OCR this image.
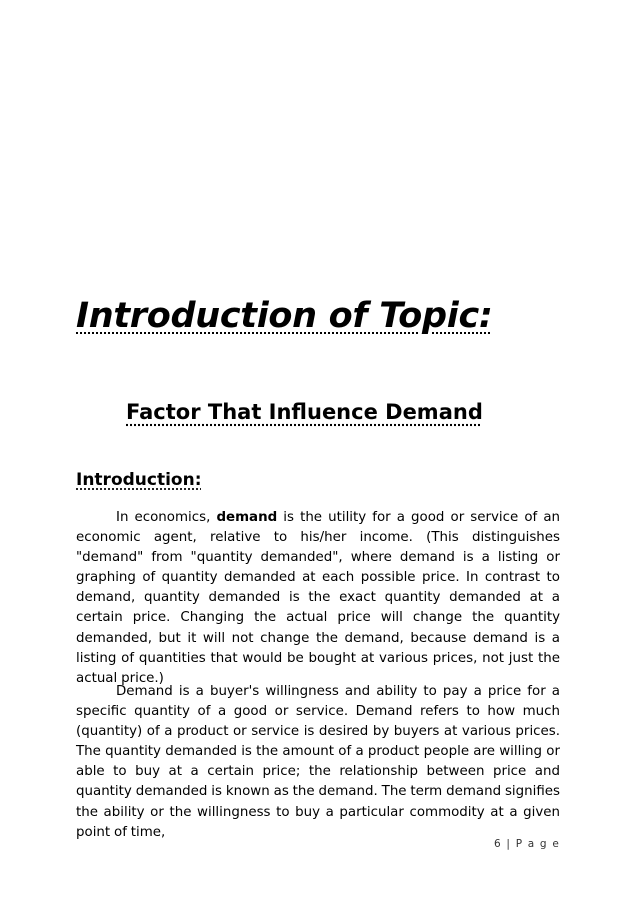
Introduction of Topic:
Factor That Influence Demand
Introduction:

In economics, demand is the utility for a good or service of an economic agent, relative to his/her income. (This distinguishes "demand" from "quantity demanded", where demand is a listing or graphing of quantity demanded at each possible price. In contrast to demand, quantity demanded is the exact quantity demanded at a certain price. Changing the actual price will change the quantity demanded, but it will not change the demand, because demand is a listing of quantities that would be bought at various prices, not just the actual price.)

Demand is a buyer's willingness and ability to pay a price for a specific quantity of a good or service. Demand refers to how much (quantity) of a product or service is desired by buyers at various prices. The quantity demanded is the amount of a product people are willing or able to buy at a certain price; the relationship between price and quantity demanded is known as the demand. The term demand signifies the ability or the willingness to buy a particular commodity at a given point of time,

6 | P a g e
